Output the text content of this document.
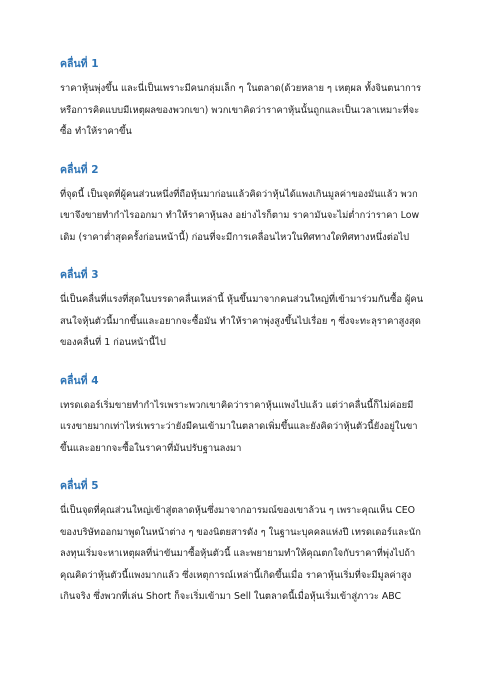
คลื่นที่ 1

ราคาหุ้นพุ่งขึ้น และนี่เป็นเพราะมีคนกลุ่มเล็ก ๆ ในตลาด(ด้วยหลาย ๆ เหตุผล ทั้งจินตนาการ หรือการคิดแบบมีเหตุผลของพวกเขา) พวกเขาคิดว่าราคาหุ้นนั้นถูกและเป็นเวลาเหมาะที่จะซื้อ ทำให้ราคาขึ้น

คลื่นที่ 2

ที่จุดนี้ เป็นจุดที่ผู้คนส่วนหนึ่งที่ถือหุ้นมาก่อนแล้วคิดว่าหุ้นได้แพงเกินมูลค่าของมันแล้ว พวกเขาจึงขายทำกำไรออกมา ทำให้ราคาหุ้นลง อย่างไรก็ตาม ราคามันจะไม่ต่ำกว่าราคา Low เดิม (ราคาต่ำสุดครั้งก่อนหน้านี้) ก่อนที่จะมีการเคลื่อนไหวในทิศทางใดทิศทางหนึ่งต่อไป

คลื่นที่ 3

นี่เป็นคลื่นที่แรงที่สุดในบรรดาคลื่นเหล่านี้ หุ้นขึ้นมาจากคนส่วนใหญ่ที่เข้ามาร่วมกันซื้อ ผู้คนสนใจหุ้นตัวนี้มากขึ้นและอยากจะซื้อมัน ทำให้ราคาพุ่งสูงขึ้นไปเรื่อย ๆ ซึ่งจะทะลุราคาสูงสุดของคลื่นที่ 1 ก่อนหน้านี้ไป

คลื่นที่ 4

เทรดเดอร์เริ่มขายทำกำไรเพราะพวกเขาคิดว่าราคาหุ้นแพงไปแล้ว แต่ว่าคลื่นนี้ก็ไม่ค่อยมีแรงขายมากเท่าไหร่เพราะว่ายังมีคนเข้ามาในตลาดเพิ่มขึ้นและยังคิดว่าหุ้นตัวนี้ยังอยู่ในขาขึ้นและอยากจะซื้อในราคาที่มันปรับฐานลงมา

คลื่นที่ 5

นี่เป็นจุดที่คุณส่วนใหญ่เข้าสู่ตลาดหุ้นซึ่งมาจากอารมณ์ของเขาล้วน ๆ เพราะคุณเห็น CEO ของบริษัทออกมาพูดในหน้าต่าง ๆ ของนิตยสารดัง ๆ ในฐานะบุคคลแห่งปี เทรดเดอร์และนักลงทุนเริ่มจะหาเหตุผลที่น่าขันมาซื้อหุ้นตัวนี้ และพยายามทำให้คุณตกใจกับราคาที่พุ่งไปถ้าคุณคิดว่าหุ้นตัวนี้แพงมากแล้ว ซึ่งเหตุการณ์เหล่านี้เกิดขึ้นเมื่อ ราคาหุ้นเริ่มที่จะมีมูลค่าสูงเกินจริง ซึ่งพวกที่เล่น Short ก็จะเริ่มเข้ามา Sell ในตลาดนี้เมื่อหุ้นเริ่มเข้าสู่ภาวะ ABC
